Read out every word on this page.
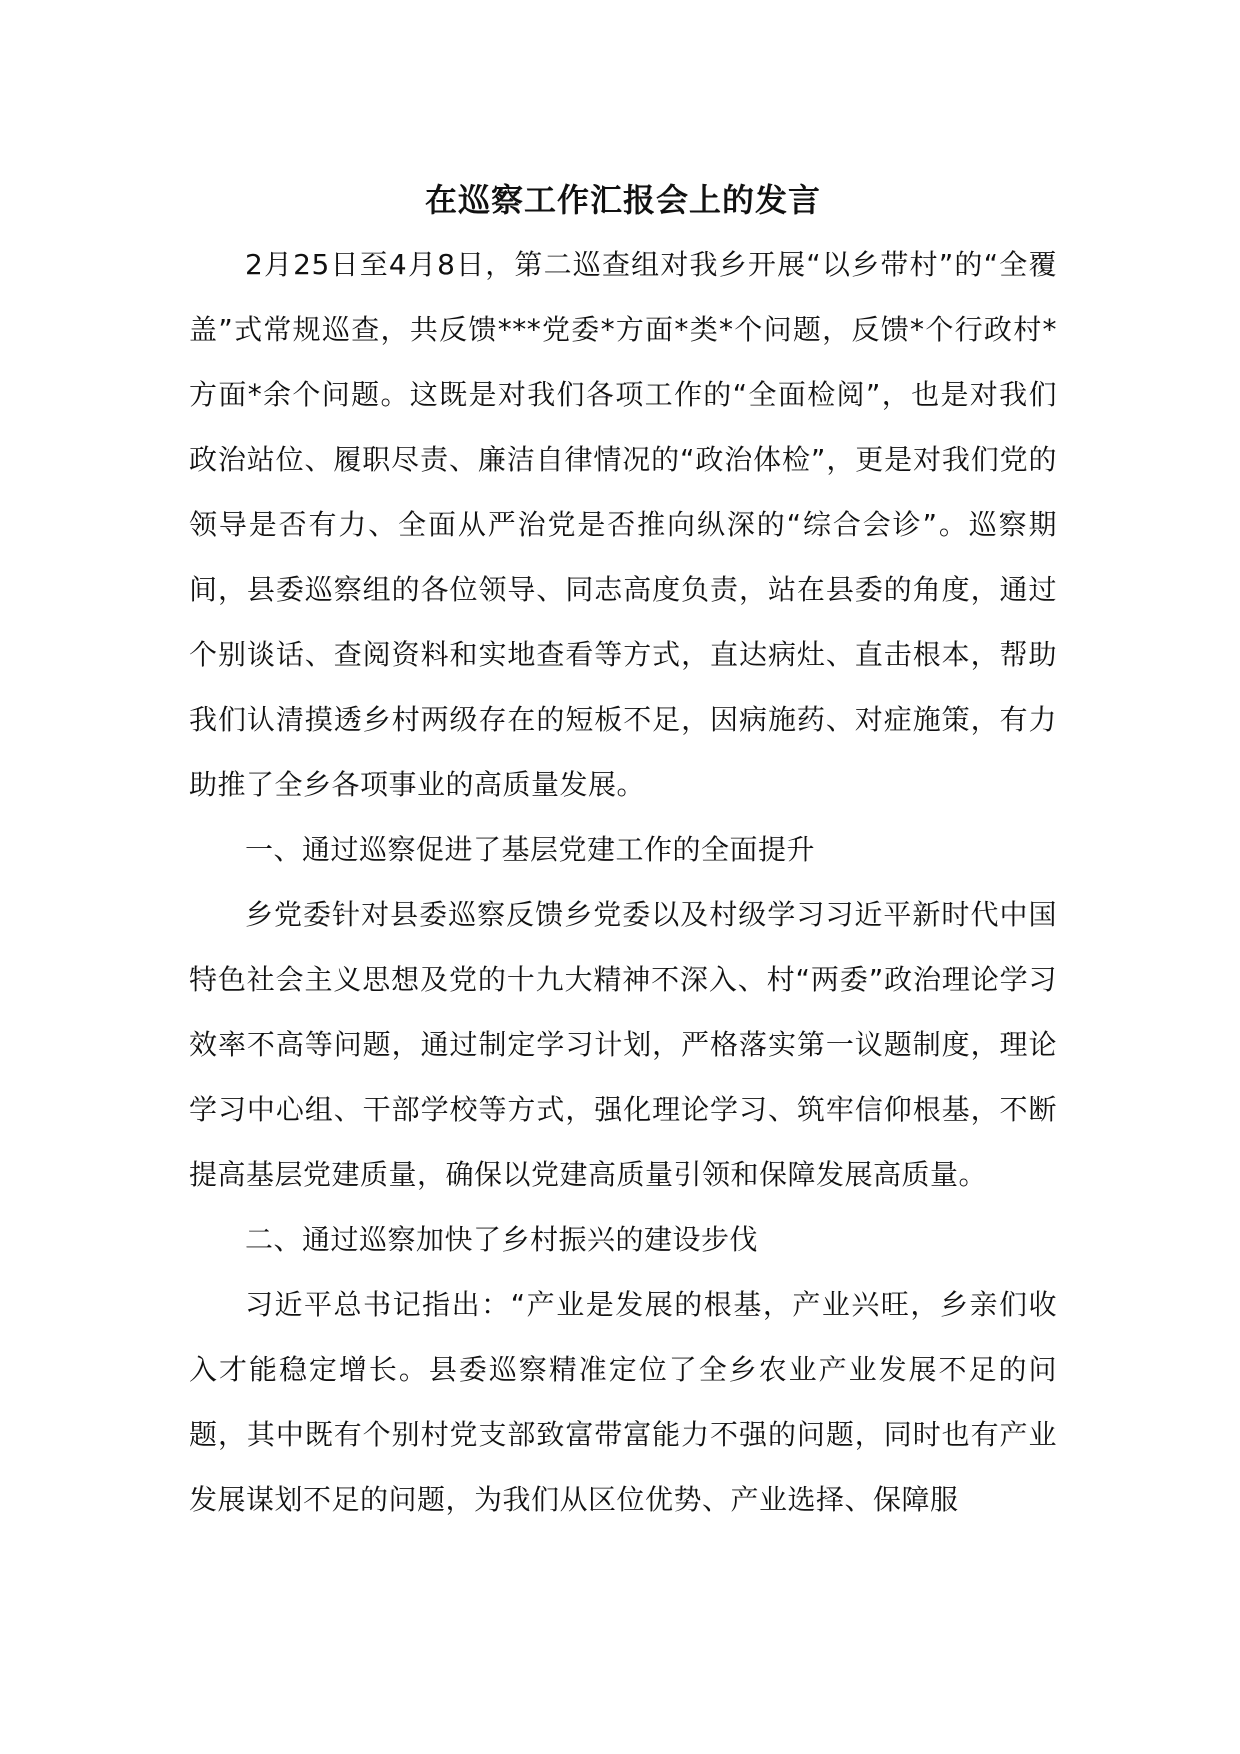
在巡察工作汇报会上的发言

2月25日至4月8日，第二巡查组对我乡开展“以乡带村”的“全覆盖”式常规巡查，共反馈***党委*方面*类*个问题，反馈*个行政村*方面*余个问题。这既是对我们各项工作的“全面检阅”，也是对我们政治站位、履职尽责、廉洁自律情况的“政治体检”，更是对我们党的领导是否有力、全面从严治党是否推向纵深的“综合会诊”。巡察期间，县委巡察组的各位领导、同志高度负责，站在县委的角度，通过个别谈话、查阅资料和实地查看等方式，直达病灶、直击根本，帮助我们认清摸透乡村两级存在的短板不足，因病施药、对症施策，有力助推了全乡各项事业的高质量发展。

一、通过巡察促进了基层党建工作的全面提升

乡党委针对县委巡察反馈乡党委以及村级学习习近平新时代中国特色社会主义思想及党的十九大精神不深入、村“两委”政治理论学习效率不高等问题，通过制定学习计划，严格落实第一议题制度，理论学习中心组、干部学校等方式，强化理论学习、筑牢信仰根基，不断提高基层党建质量，确保以党建高质量引领和保障发展高质量。

二、通过巡察加快了乡村振兴的建设步伐

习近平总书记指出：“产业是发展的根基，产业兴旺，乡亲们收入才能稳定增长。县委巡察精准定位了全乡农业产业发展不足的问题，其中既有个别村党支部致富带富能力不强的问题，同时也有产业发展谋划不足的问题，为我们从区位优势、产业选择、保障服
